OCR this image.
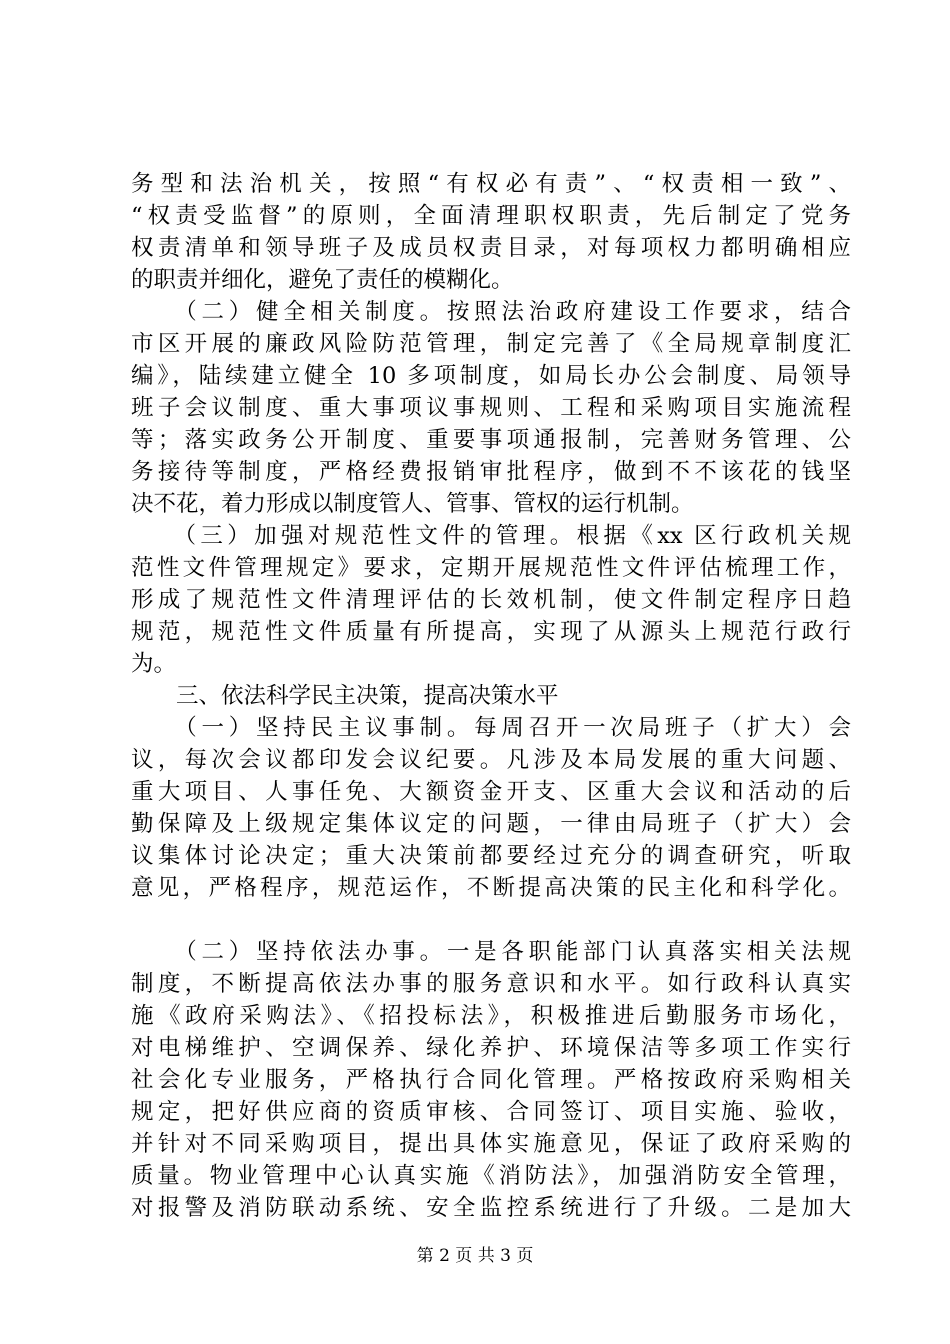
务型和法治机关，按照“有权必有责”、“权责相一致”、
“权责受监督”的原则，全面清理职权职责，先后制定了党务
权责清单和领导班子及成员权责目录，对每项权力都明确相应
的职责并细化，避免了责任的模糊化。
　　（二）健全相关制度。按照法治政府建设工作要求，结合
市区开展的廉政风险防范管理，制定完善了《全局规章制度汇
编》，陆续建立健全 10 多项制度，如局长办公会制度、局领导
班子会议制度、重大事项议事规则、工程和采购项目实施流程
等；落实政务公开制度、重要事项通报制，完善财务管理、公
务接待等制度，严格经费报销审批程序，做到不不该花的钱坚
决不花，着力形成以制度管人、管事、管权的运行机制。
　　（三）加强对规范性文件的管理。根据《xx 区行政机关规
范性文件管理规定》要求，定期开展规范性文件评估梳理工作，
形成了规范性文件清理评估的长效机制，使文件制定程序日趋
规范，规范性文件质量有所提高，实现了从源头上规范行政行
为。
　　三、依法科学民主决策，提高决策水平
　　（一）坚持民主议事制。每周召开一次局班子（扩大）会
议，每次会议都印发会议纪要。凡涉及本局发展的重大问题、
重大项目、人事任免、大额资金开支、区重大会议和活动的后
勤保障及上级规定集体议定的问题，一律由局班子（扩大）会
议集体讨论决定；重大决策前都要经过充分的调查研究，听取
意见，严格程序，规范运作，不断提高决策的民主化和科学化。
　　（二）坚持依法办事。一是各职能部门认真落实相关法规
制度，不断提高依法办事的服务意识和水平。如行政科认真实
施《政府采购法》、《招投标法》，积极推进后勤服务市场化，
对电梯维护、空调保养、绿化养护、环境保洁等多项工作实行
社会化专业服务，严格执行合同化管理。严格按政府采购相关
规定，把好供应商的资质审核、合同签订、项目实施、验收，
并针对不同采购项目，提出具体实施意见，保证了政府采购的
质量。物业管理中心认真实施《消防法》，加强消防安全管理，
对报警及消防联动系统、安全监控系统进行了升级。二是加大
第 2 页 共 3 页
